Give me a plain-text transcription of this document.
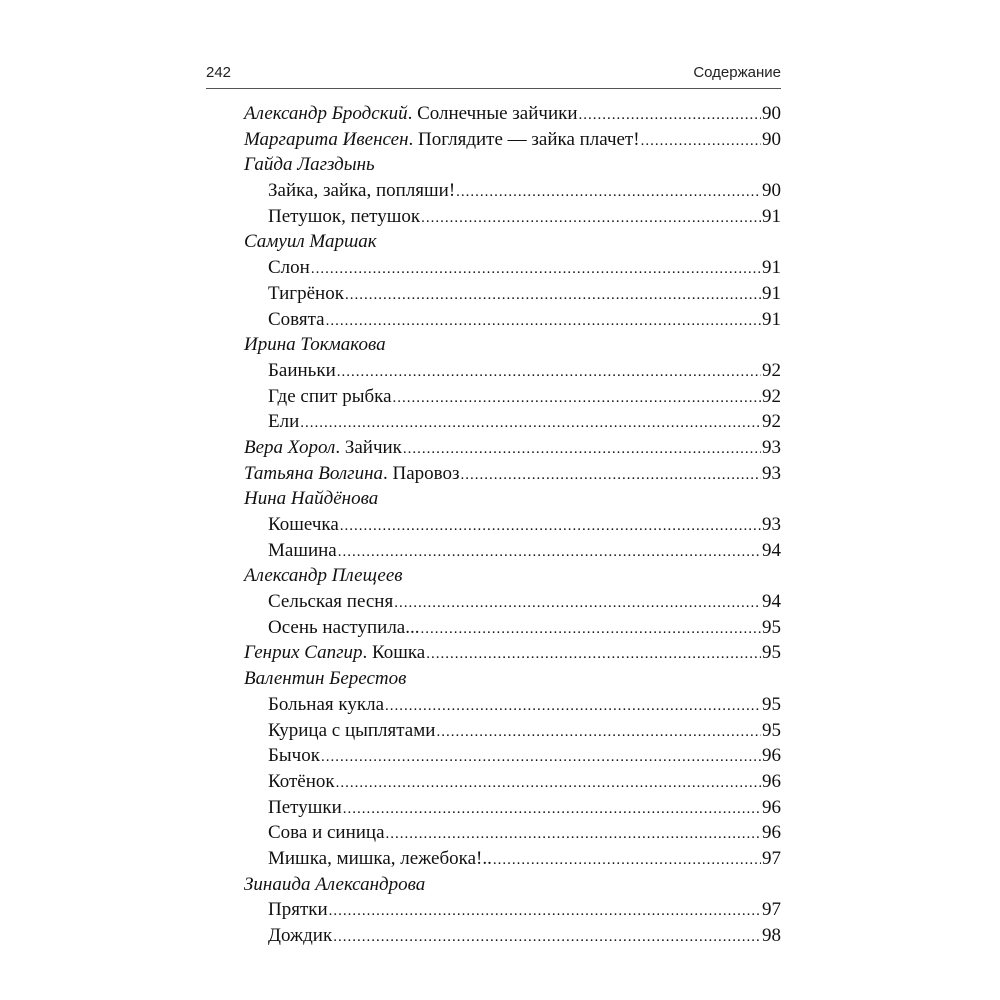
242	Содержание
Александр Бродский . Солнечные зайчики .....	90
Маргарита Ивенсен . Поглядите — зайка плачет! .....	90
Гайда Лагздынь
Зайка, зайка, попляши! .....	90
Петушок, петушок .....	91
Самуил Маршак
Слон .....	91
Тигрёнок .....	91
Совята .....	91
Ирина Токмакова
Баиньки .....	92
Где спит рыбка .....	92
Ели .....	92
Вера Хорол . Зайчик .....	93
Татьяна Волгина . Паровоз .....	93
Нина Найдёнова
Кошечка .....	93
Машина .....	94
Александр Плещеев
Сельская песня .....	94
Осень наступила... .....	95
Генрих Сапгир . Кошка .....	95
Валентин Берестов
Больная кукла .....	95
Курица с цыплятами .....	95
Бычок .....	96
Котёнок .....	96
Петушки .....	96
Сова и синица .....	96
Мишка, мишка, лежебока!.. .....	97
Зинаида Александрова
Прятки .....	97
Дождик .....	98
